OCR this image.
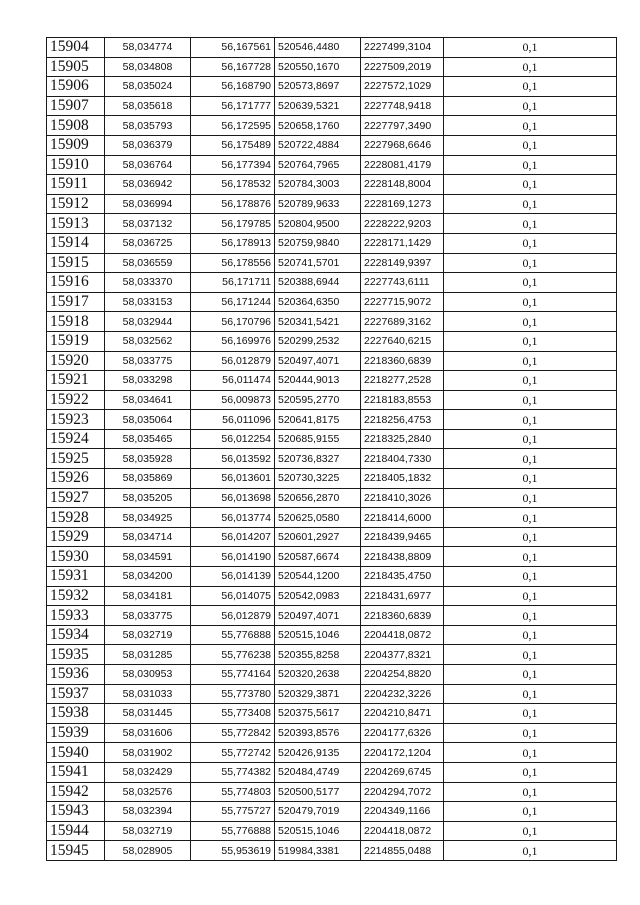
15904	58,034774	56,167561	520546,4480	2227499,3104	0,1
15905	58,034808	56,167728	520550,1670	2227509,2019	0,1
15906	58,035024	56,168790	520573,8697	2227572,1029	0,1
15907	58,035618	56,171777	520639,5321	2227748,9418	0,1
15908	58,035793	56,172595	520658,1760	2227797,3490	0,1
15909	58,036379	56,175489	520722,4884	2227968,6646	0,1
15910	58,036764	56,177394	520764,7965	2228081,4179	0,1
15911	58,036942	56,178532	520784,3003	2228148,8004	0,1
15912	58,036994	56,178876	520789,9633	2228169,1273	0,1
15913	58,037132	56,179785	520804,9500	2228222,9203	0,1
15914	58,036725	56,178913	520759,9840	2228171,1429	0,1
15915	58,036559	56,178556	520741,5701	2228149,9397	0,1
15916	58,033370	56,171711	520388,6944	2227743,6111	0,1
15917	58,033153	56,171244	520364,6350	2227715,9072	0,1
15918	58,032944	56,170796	520341,5421	2227689,3162	0,1
15919	58,032562	56,169976	520299,2532	2227640,6215	0,1
15920	58,033775	56,012879	520497,4071	2218360,6839	0,1
15921	58,033298	56,011474	520444,9013	2218277,2528	0,1
15922	58,034641	56,009873	520595,2770	2218183,8553	0,1
15923	58,035064	56,011096	520641,8175	2218256,4753	0,1
15924	58,035465	56,012254	520685,9155	2218325,2840	0,1
15925	58,035928	56,013592	520736,8327	2218404,7330	0,1
15926	58,035869	56,013601	520730,3225	2218405,1832	0,1
15927	58,035205	56,013698	520656,2870	2218410,3026	0,1
15928	58,034925	56,013774	520625,0580	2218414,6000	0,1
15929	58,034714	56,014207	520601,2927	2218439,9465	0,1
15930	58,034591	56,014190	520587,6674	2218438,8809	0,1
15931	58,034200	56,014139	520544,1200	2218435,4750	0,1
15932	58,034181	56,014075	520542,0983	2218431,6977	0,1
15933	58,033775	56,012879	520497,4071	2218360,6839	0,1
15934	58,032719	55,776888	520515,1046	2204418,0872	0,1
15935	58,031285	55,776238	520355,8258	2204377,8321	0,1
15936	58,030953	55,774164	520320,2638	2204254,8820	0,1
15937	58,031033	55,773780	520329,3871	2204232,3226	0,1
15938	58,031445	55,773408	520375,5617	2204210,8471	0,1
15939	58,031606	55,772842	520393,8576	2204177,6326	0,1
15940	58,031902	55,772742	520426,9135	2204172,1204	0,1
15941	58,032429	55,774382	520484,4749	2204269,6745	0,1
15942	58,032576	55,774803	520500,5177	2204294,7072	0,1
15943	58,032394	55,775727	520479,7019	2204349,1166	0,1
15944	58,032719	55,776888	520515,1046	2204418,0872	0,1
15945	58,028905	55,953619	519984,3381	2214855,0488	0,1
